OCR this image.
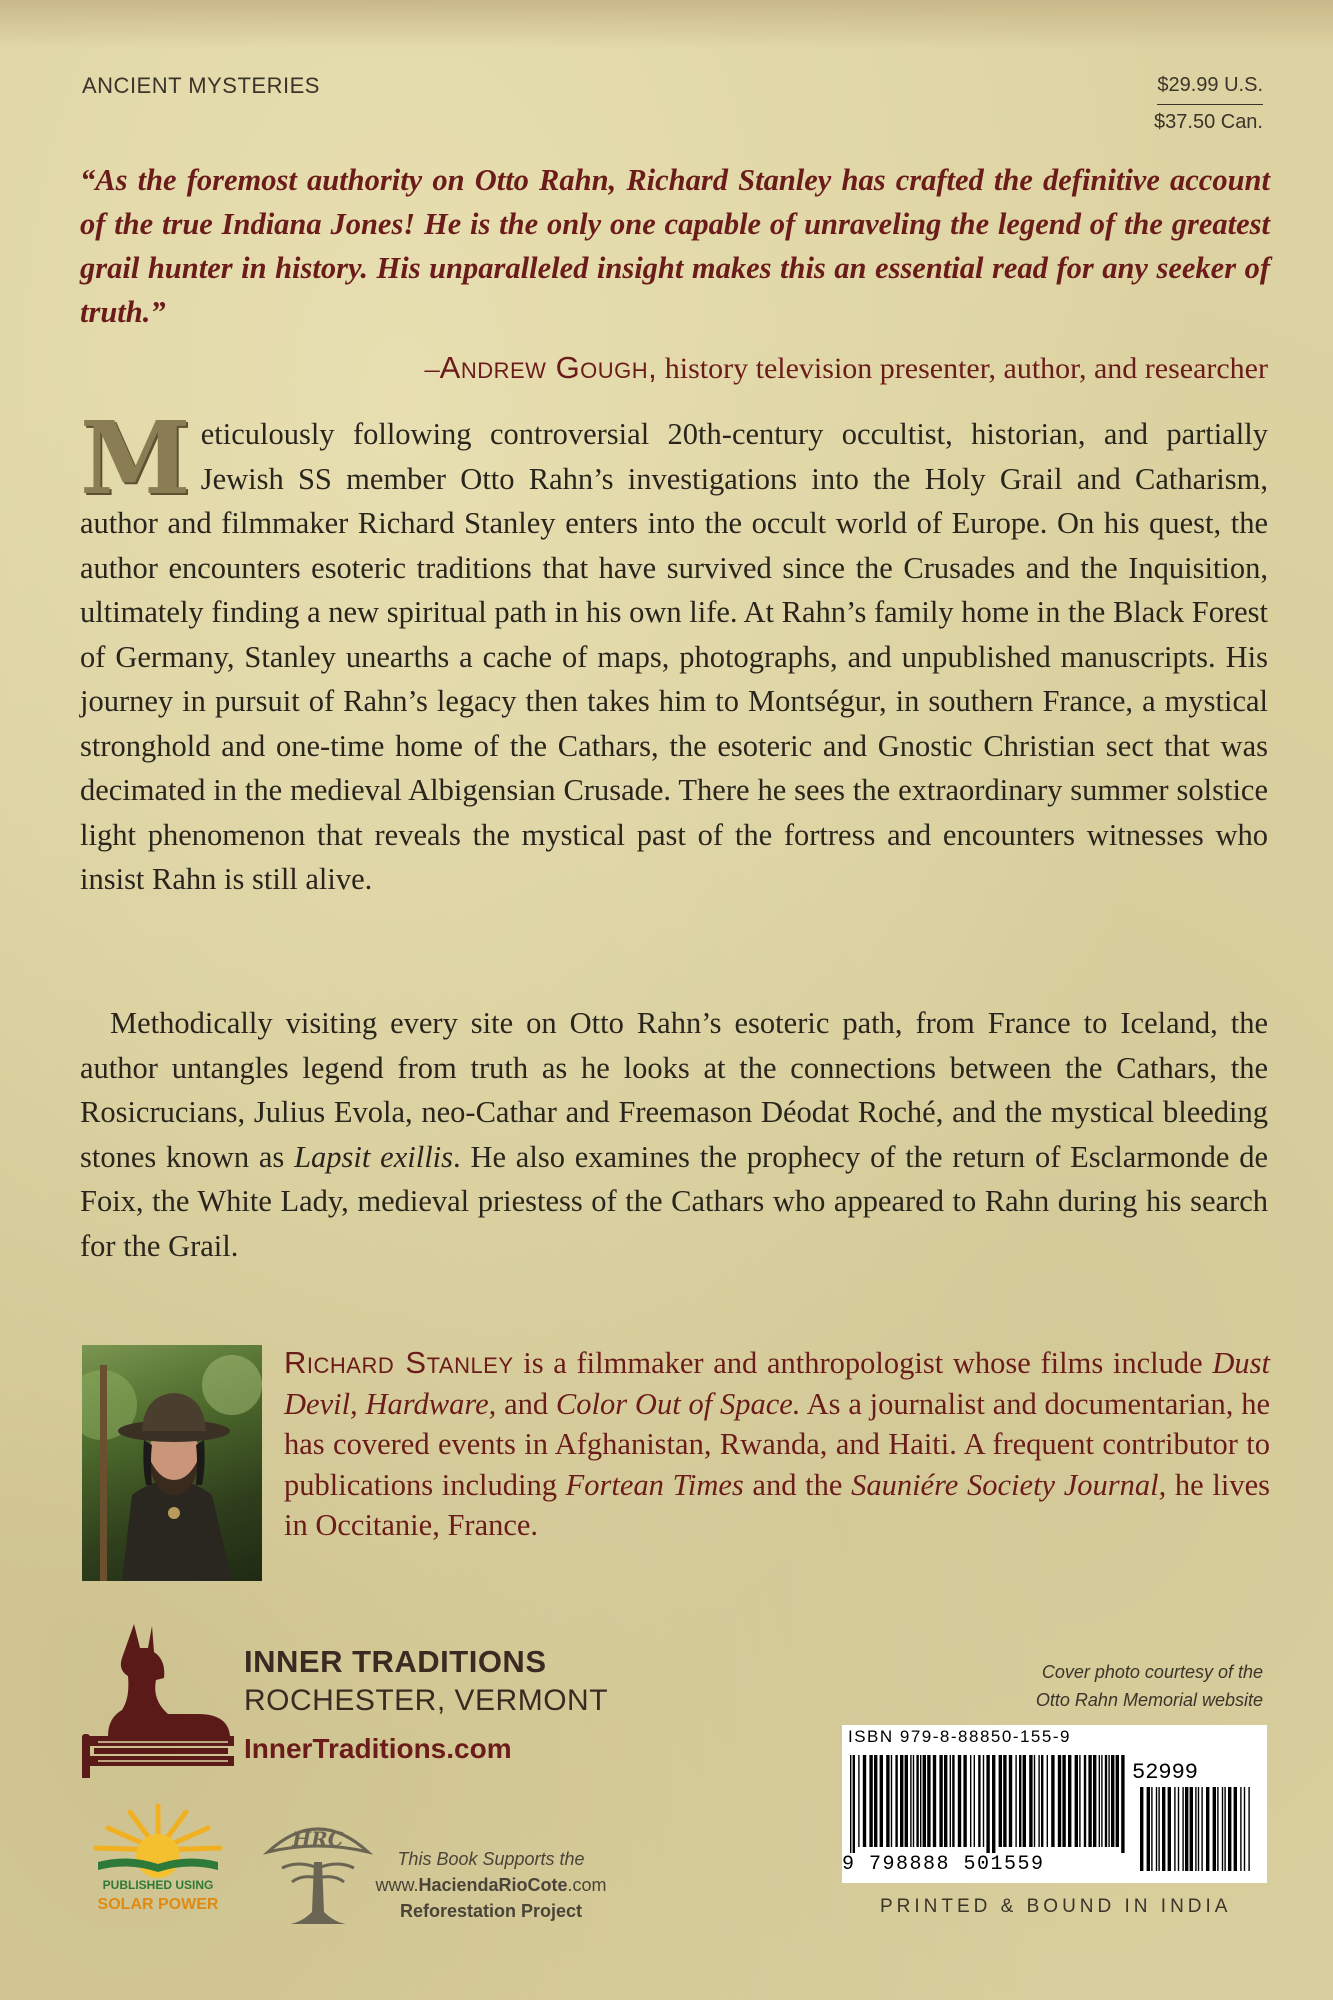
ANCIENT MYSTERIES	$29.99 U.S.
$37.50 Can.
“As the foremost authority on Otto Rahn, Richard Stanley has crafted the definitive account of the true Indiana Jones! He is the only one capable of unraveling the legend of the greatest grail hunter in history. His unparalleled insight makes this an essential read for any seeker of truth.”
–Andrew Gough, history television presenter, author, and researcher
Meticulously following controversial 20th-century occultist, historian, and partially Jewish SS member Otto Rahn’s investigations into the Holy Grail and Catharism, author and filmmaker Richard Stanley enters into the occult world of Europe. On his quest, the author encounters esoteric traditions that have survived since the Crusades and the Inquisition, ultimately finding a new spiritual path in his own life. At Rahn’s family home in the Black Forest of Germany, Stanley unearths a cache of maps, photographs, and unpublished manuscripts. His journey in pursuit of Rahn’s legacy then takes him to Montségur, in southern France, a mystical stronghold and one-time home of the Cathars, the esoteric and Gnostic Christian sect that was decimated in the medieval Albigensian Crusade. There he sees the extraordinary summer solstice light phenomenon that reveals the mystical past of the fortress and encounters witnesses who insist Rahn is still alive.
Methodically visiting every site on Otto Rahn’s esoteric path, from France to Iceland, the author untangles legend from truth as he looks at the connections between the Cathars, the Rosicrucians, Julius Evola, neo-Cathar and Freemason Déodat Roché, and the mystical bleeding stones known as Lapsit exillis. He also examines the prophecy of the return of Esclarmonde de Foix, the White Lady, medieval priestess of the Cathars who appeared to Rahn during his search for the Grail.
Richard Stanley is a filmmaker and anthropologist whose films include Dust Devil, Hardware, and Color Out of Space. As a journalist and documentarian, he has covered events in Afghanistan, Rwanda, and Haiti. A frequent contributor to publications including Fortean Times and the Sauniére Society Journal, he lives in Occitanie, France.
INNER TRADITIONS
ROCHESTER, VERMONT
InnerTraditions.com
Cover photo courtesy of the
Otto Rahn Memorial website
ISBN 979-8-88850-155-9
52999
9 798888 501559
PRINTED & BOUND IN INDIA
PUBLISHED USING
SOLAR POWER
HRC
This Book Supports the
www.HaciendaRioCote.com
Reforestation Project
